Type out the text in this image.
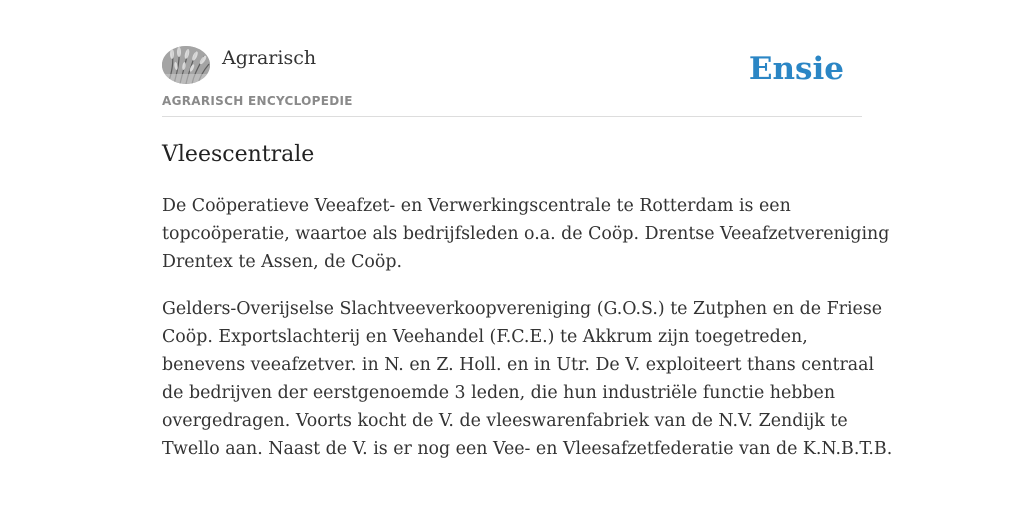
Agrarisch
AGRARISCH ENCYCLOPEDIE
Ensie
Vleescentrale

De Coöperatieve Veeafzet- en Verwerkingscentrale te Rotterdam is een
topcoöperatie, waartoe als bedrijfsleden o.a. de Coöp. Drentse Veeafzetvereniging
Drentex te Assen, de Coöp.

Gelders-Overijselse Slachtveeverkoopvereniging (G.O.S.) te Zutphen en de Friese
Coöp. Exportslachterij en Veehandel (F.C.E.) te Akkrum zijn toegetreden,
benevens veeafzetver. in N. en Z. Holl. en in Utr. De V. exploiteert thans centraal
de bedrijven der eerstgenoemde 3 leden, die hun industriële functie hebben
overgedragen. Voorts kocht de V. de vleeswarenfabriek van de N.V. Zendijk te
Twello aan. Naast de V. is er nog een Vee- en Vleesafzetfederatie van de K.N.B.T.B.
